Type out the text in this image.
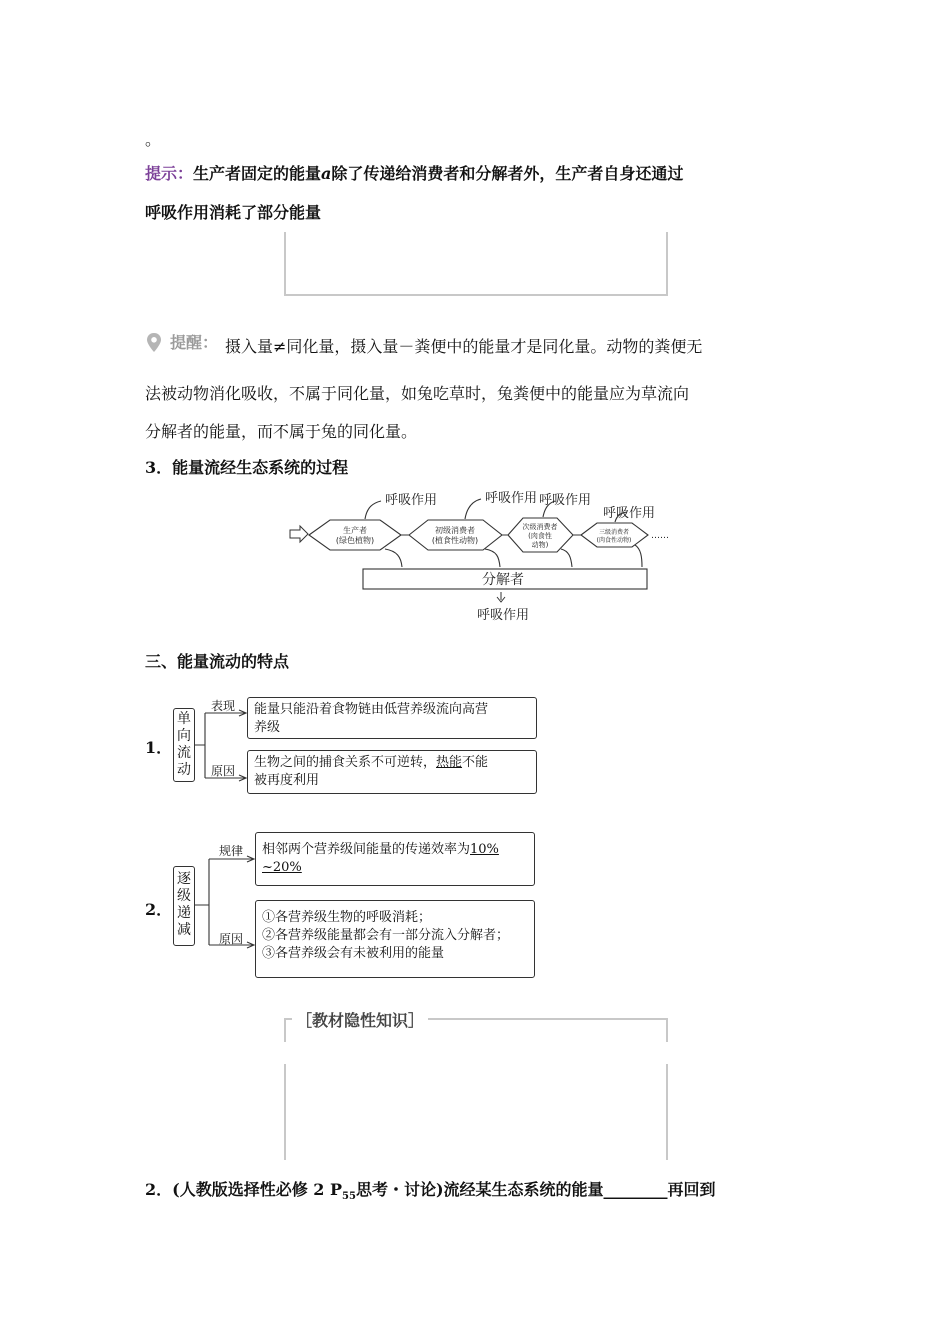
。
提示：生产者固定的能量a除了传递给消费者和分解者外，生产者自身还通过
呼吸作用消耗了部分能量
提醒： 摄入量≠同化量，摄入量－粪便中的能量才是同化量。动物的粪便无
法被动物消化吸收，不属于同化量，如兔吃草时，兔粪便中的能量应为草流向
分解者的能量，而不属于兔的同化量。
3．能量流经生态系统的过程
呼吸作用	呼吸作用 呼吸作用
呼吸作用
生产者
(绿色植物)
初级消费者
(植食性动物)
次级消费者
(肉食性
动物)
三级消费者
(肉食性动物) ……
分解者
呼吸作用
三、能量流动的特点
1．
单
向
流
动
表现
原因
能量只能沿着食物链由低营养级流向高营
养级
生物之间的捕食关系不可逆转，热能不能
被再度利用
2．
逐
级
递
减
规律
原因
相邻两个营养级间能量的传递效率为10%
~20%
①各营养级生物的呼吸消耗；
②各营养级能量都会有一部分流入分解者；
③各营养级会有未被利用的能量
［教材隐性知识］
2．(人教版选择性必修 2 $P_{55}$思考・讨论)流经某生态系统的能量________再回到
